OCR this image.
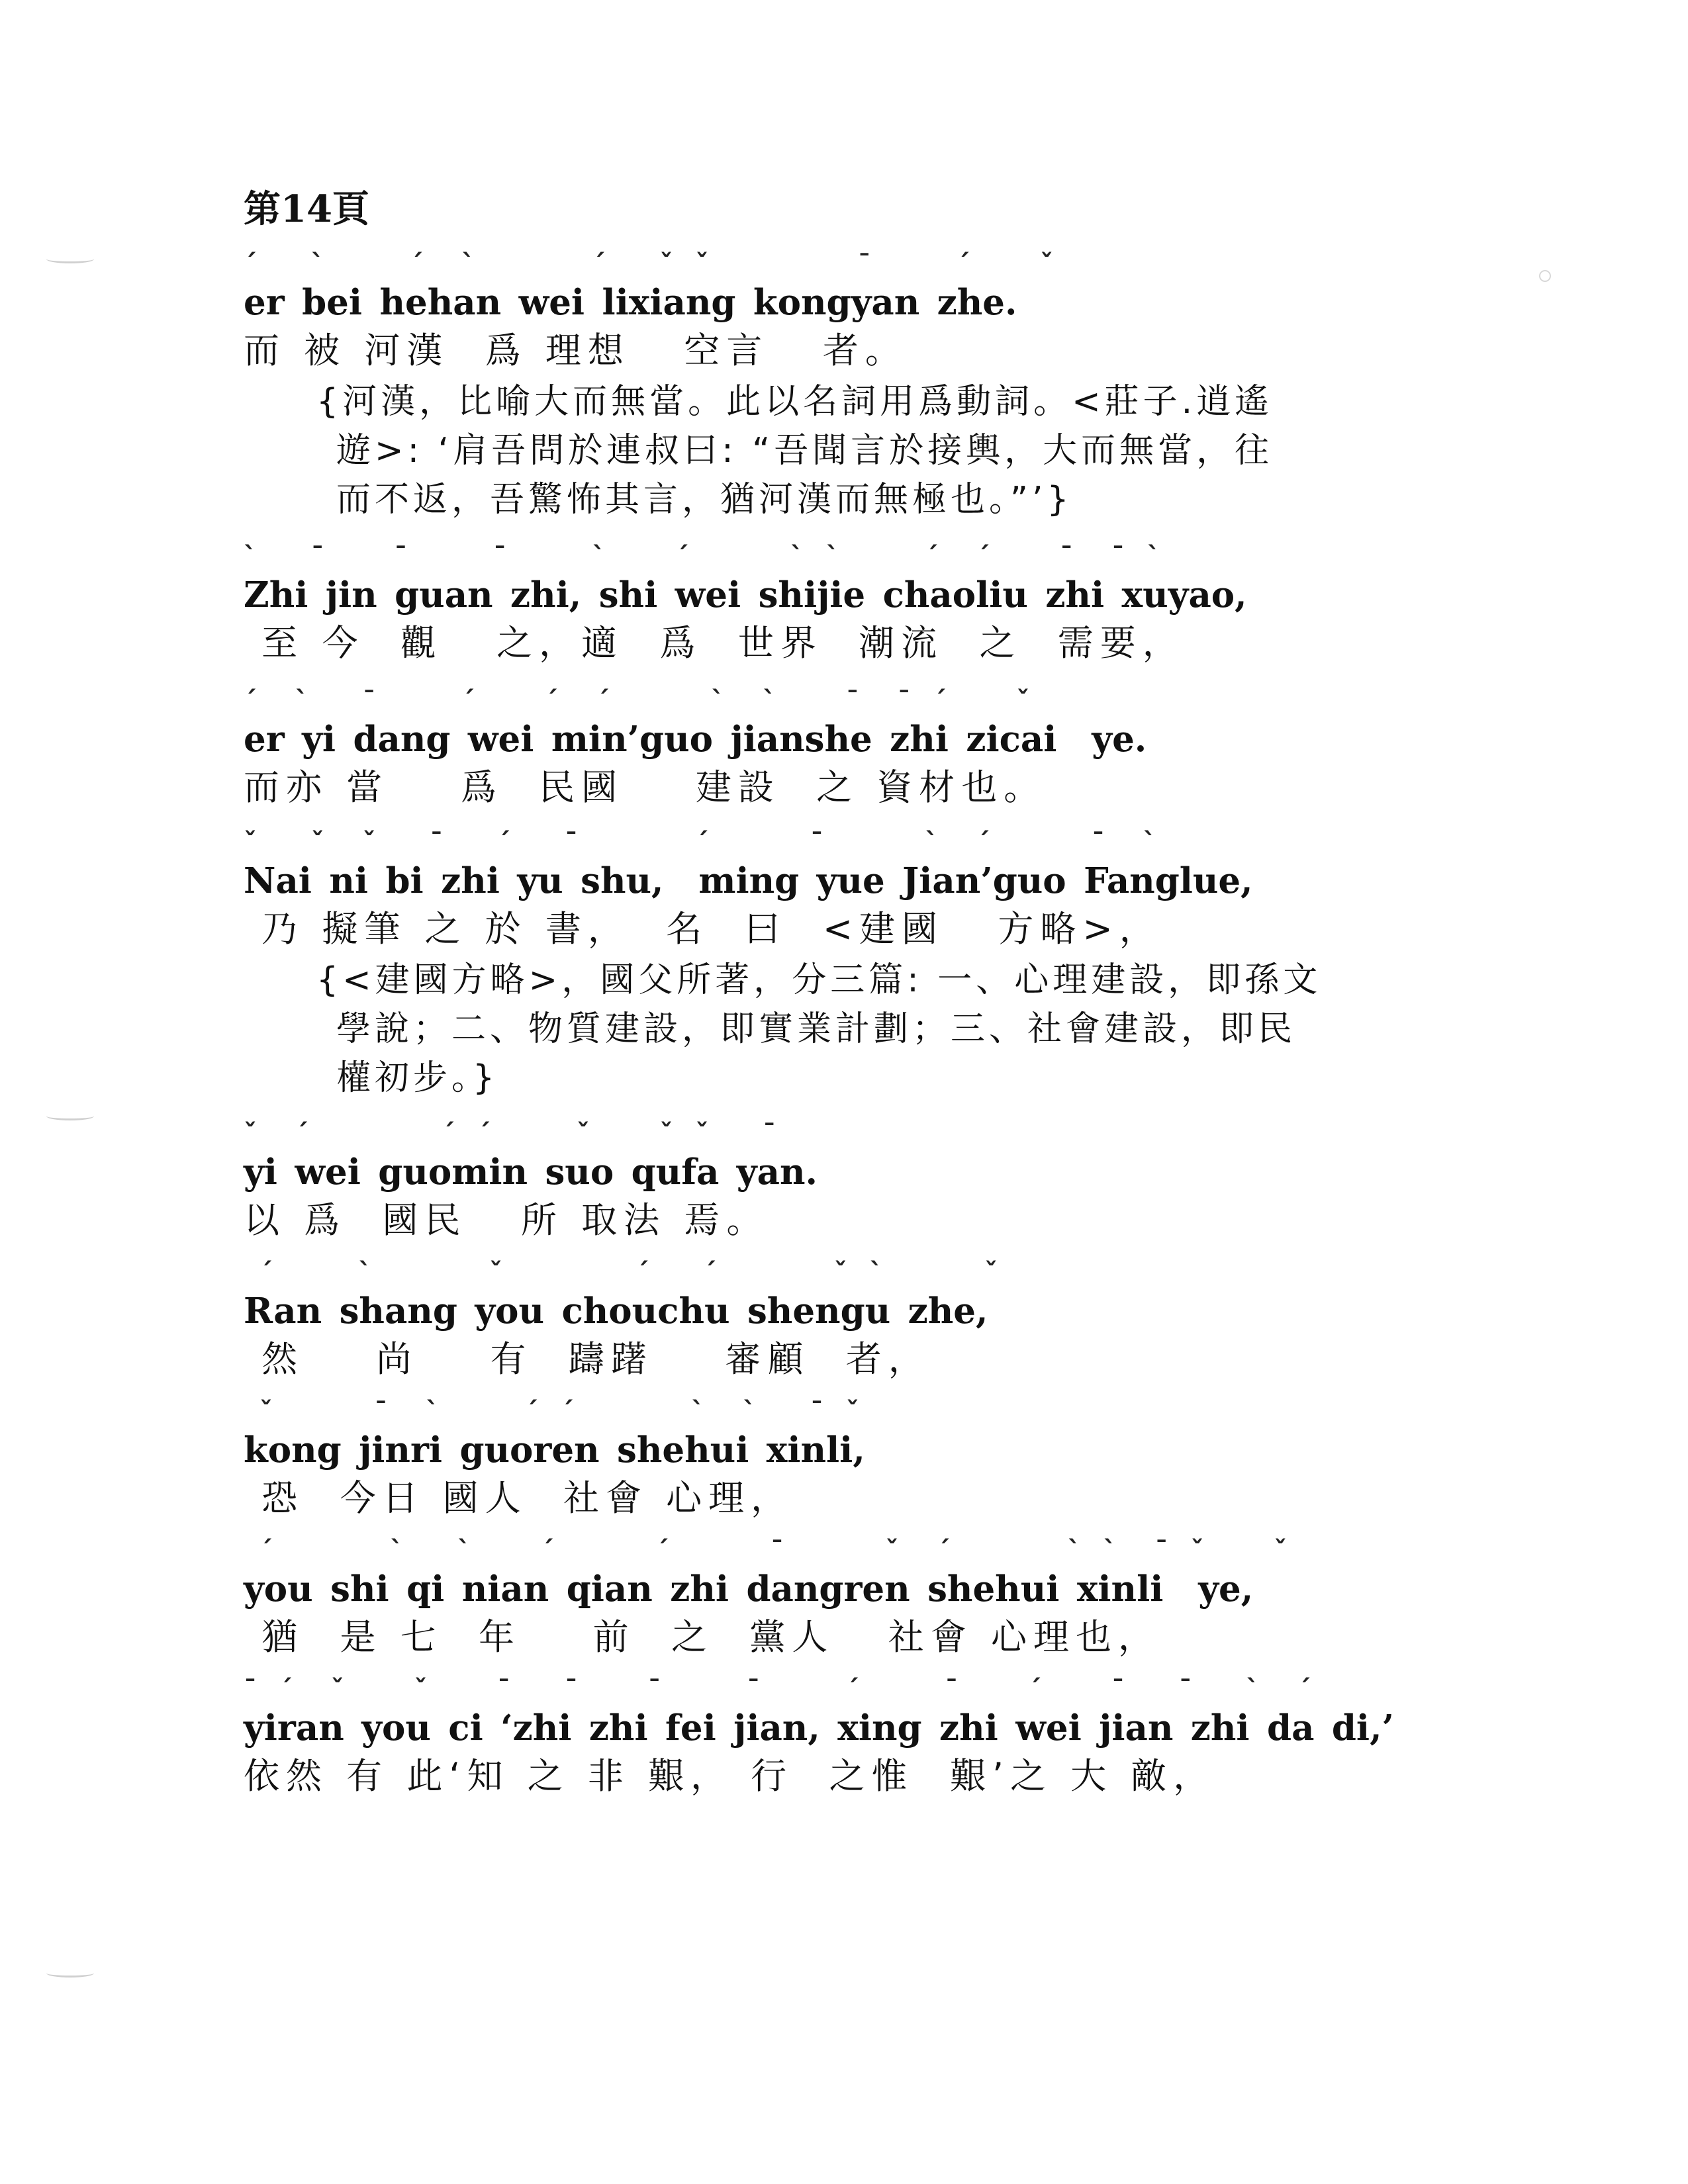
第14頁
ˊ   ˋ     ˊ  ˋ       ˊ   ˇ ˇ         ˉ     ˊ    ˇ
er bei hehan wei lixiang kongyan zhe.
而 被 河漢  爲 理想   空言   者。
{河漢，比喻大而無當。此以名詞用爲動詞。<莊子.逍遙
遊>: ‘肩吾問於連叔曰: “吾聞言於接輿，大而無當，往
而不返，吾驚怖其言，猶河漢而無極也。”’}
ˋ   ˉ    ˉ     ˉ     ˋ    ˊ      ˋ ˋ     ˊ  ˊ    ˉ  ˉ ˋ
Zhi jin guan zhi, shi wei shijie chaoliu zhi xuyao,
至 今  觀   之，適  爲  世界  潮流  之  需要，
ˊ  ˋ   ˉ     ˊ    ˊ  ˊ      ˋ  ˋ    ˉ  ˉ ˊ    ˇ
er yi dang wei min’guo jianshe zhi zicai  ye.
而亦 當    爲  民國    建設  之 資材也。
ˇ   ˇ  ˇ   ˉ   ˊ   ˉ       ˊ      ˉ      ˋ  ˊ      ˉ  ˋ
Nai ni bi zhi yu shu,  ming yue Jian’guo Fanglue,
乃 擬筆 之 於 書，  名  曰  <建國   方略>，
{<建國方略>，國父所著，分三篇: 一、心理建設，即孫文
學說；二、物質建設，即實業計劃；三、社會建設，即民
權初步。}
ˇ  ˊ        ˊ ˊ     ˇ    ˇ ˇ   ˉ
yi wei guomin suo qufa yan.
以 爲  國民   所 取法 焉。
ˊ     ˋ       ˇ        ˊ   ˊ       ˇ ˋ      ˇ
Ran shang you chouchu shengu zhe,
然    尚    有  躊躇    審顧  者，
ˇ      ˉ  ˋ     ˊ ˊ       ˋ  ˋ   ˉ ˇ
kong jinri guoren shehui xinli,
恐  今日 國人  社會 心理，
ˊ       ˋ   ˋ    ˊ      ˊ      ˉ      ˇ  ˊ       ˋ ˋ  ˉ ˇ    ˇ
you shi qi nian qian zhi dangren shehui xinli  ye,
猶  是 七  年    前  之  黨人   社會 心理也，
ˉ ˊ  ˇ    ˇ    ˉ   ˉ    ˉ     ˉ     ˊ     ˉ    ˊ    ˉ   ˉ   ˋ  ˊ
yiran you ci ‘zhi zhi fei jian, xing zhi wei jian zhi da di,’
依然 有 此‘知 之 非 艱， 行  之惟  艱’之 大 敵，
